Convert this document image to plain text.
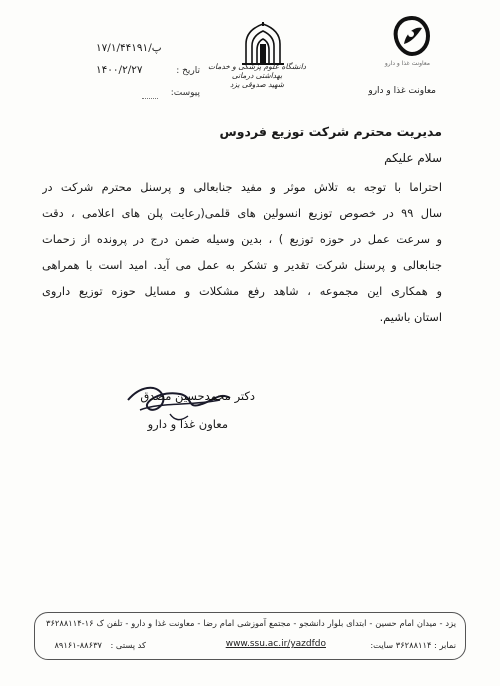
معاونت غذا و دارو
معاونت غذا و دارو
دانشگاه علوم پزشکی و خدمات بهداشتی درمانی
شهید صدوقی یزد
۱۷/۱/۴۴۱۹۱/پ
تاریخ :
۱۴۰۰/۲/۲۷
پیوست:
مدیریت محترم شرکت توزیع فردوس
سلام علیکم
احتراما با توجه به تلاش موثر و مفید جنابعالی و پرسنل محترم شرکت در
سال ۹۹ در خصوص توزیع انسولین های قلمی(رعایت پلن های اعلامی ، دقت
و سرعت عمل در حوزه توزیع ) ، بدین وسیله ضمن درج در پرونده از زحمات
جنابعالی و پرسنل شرکت تقدیر و تشکر به عمل می آید. امید است با همراهی
و همکاری این مجموعه ، شاهد رفع مشکلات و مسایل حوزه توزیع داروی
استان باشیم.
دکتر محمدحسین مصدق
معاون غذا و دارو
یزد - میدان امام حسین - ابتدای بلوار دانشجو - مجتمع آموزشی امام رضا - معاونت غذا و دارو - تلفن ک ۱۶-۳۶۲۸۸۱۱۴
نمابر : ۳۶۲۸۸۱۱۴ سایت:
www.ssu.ac.ir/yazdfdo
کد پستی :
۸۹۱۶۱-۸۸۶۳۷
